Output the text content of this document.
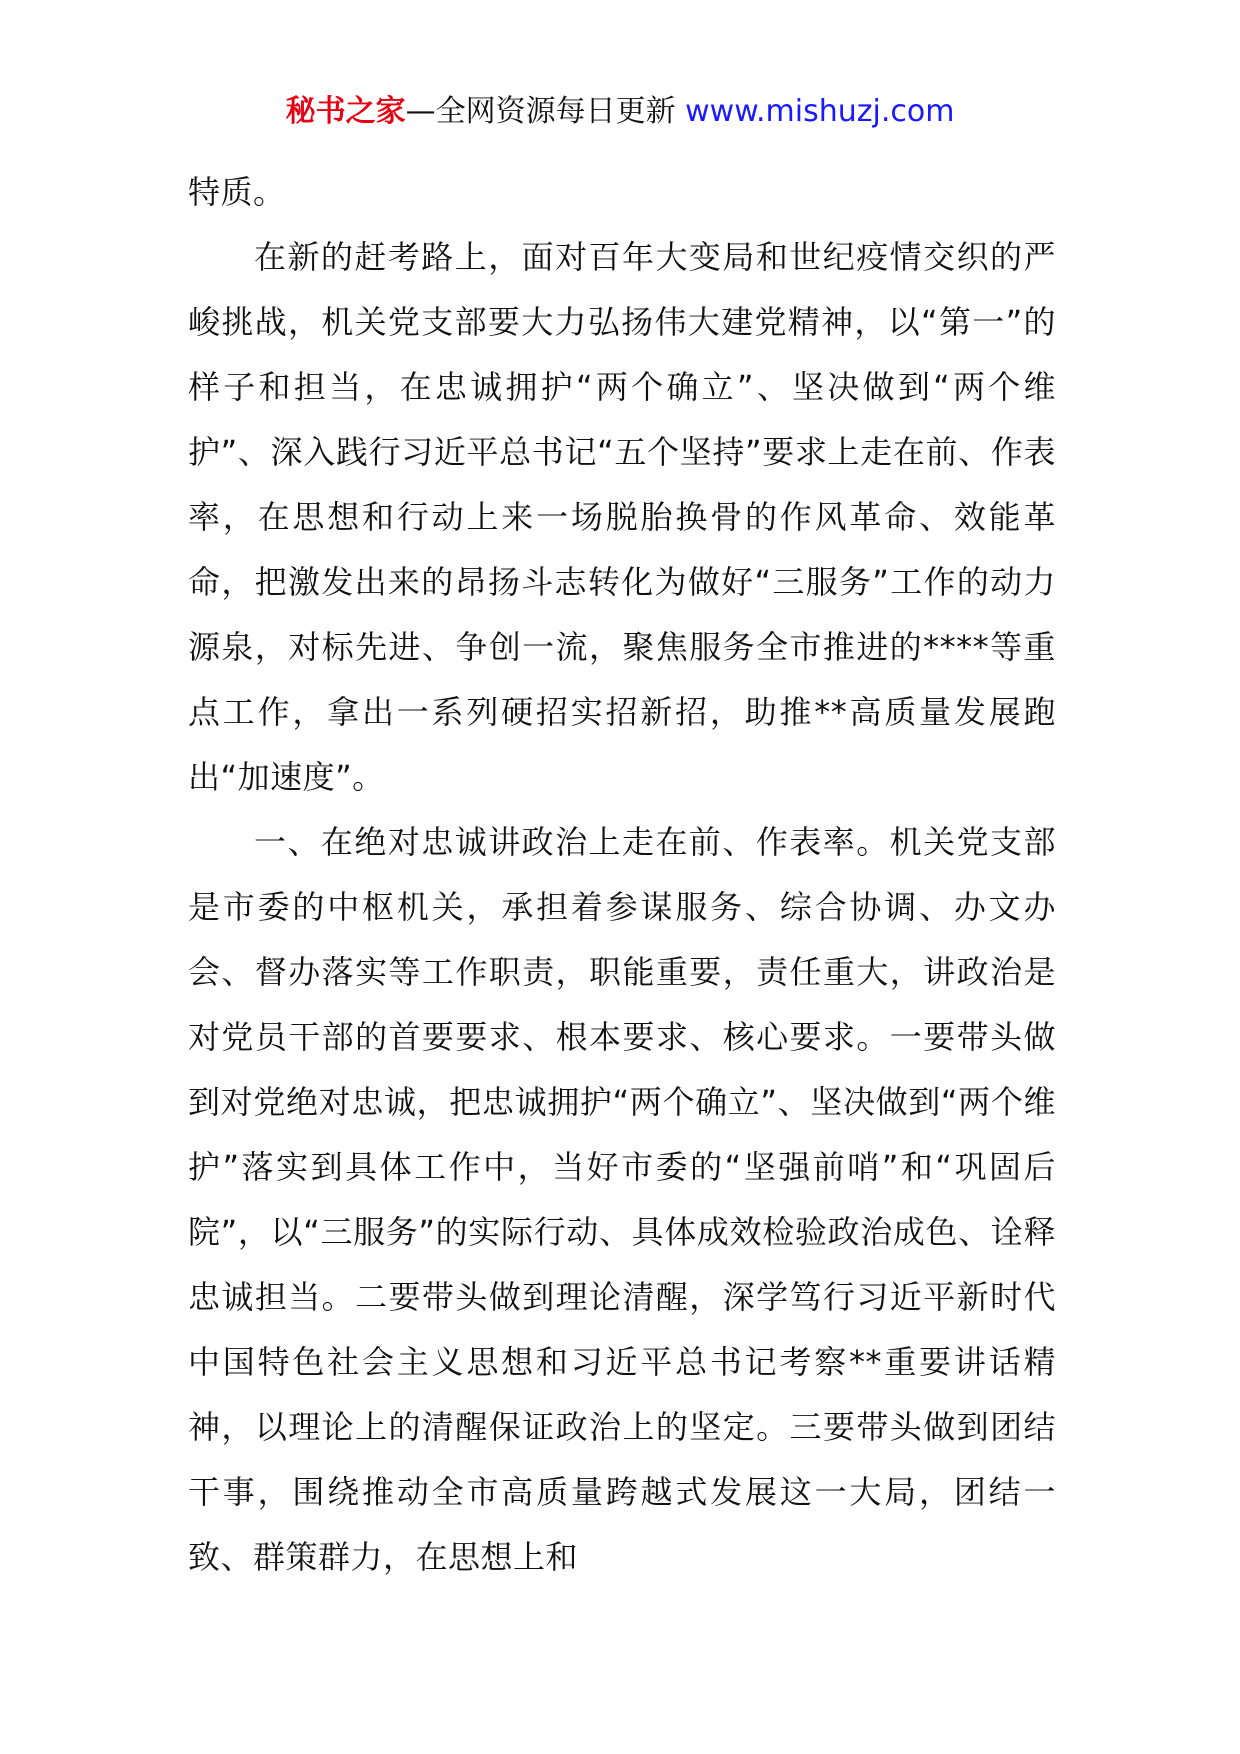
秘书之家—全网资源每日更新 www.mishuzj.com

特质。

在新的赶考路上，面对百年大变局和世纪疫情交织的严峻挑战，机关党支部要大力弘扬伟大建党精神，以“第一”的样子和担当，在忠诚拥护“两个确立”、坚决做到“两个维护”、深入践行习近平总书记“五个坚持”要求上走在前、作表率，在思想和行动上来一场脱胎换骨的作风革命、效能革命，把激发出来的昂扬斗志转化为做好“三服务”工作的动力源泉，对标先进、争创一流，聚焦服务全市推进的****等重点工作，拿出一系列硬招实招新招，助推**高质量发展跑出“加速度”。

一、在绝对忠诚讲政治上走在前、作表率。机关党支部是市委的中枢机关，承担着参谋服务、综合协调、办文办会、督办落实等工作职责，职能重要，责任重大，讲政治是对党员干部的首要要求、根本要求、核心要求。一要带头做到对党绝对忠诚，把忠诚拥护“两个确立”、坚决做到“两个维护”落实到具体工作中，当好市委的“坚强前哨”和“巩固后院”，以“三服务”的实际行动、具体成效检验政治成色、诠释忠诚担当。二要带头做到理论清醒，深学笃行习近平新时代中国特色社会主义思想和习近平总书记考察**重要讲话精神，以理论上的清醒保证政治上的坚定。三要带头做到团结干事，围绕推动全市高质量跨越式发展这一大局，团结一致、群策群力，在思想上和
